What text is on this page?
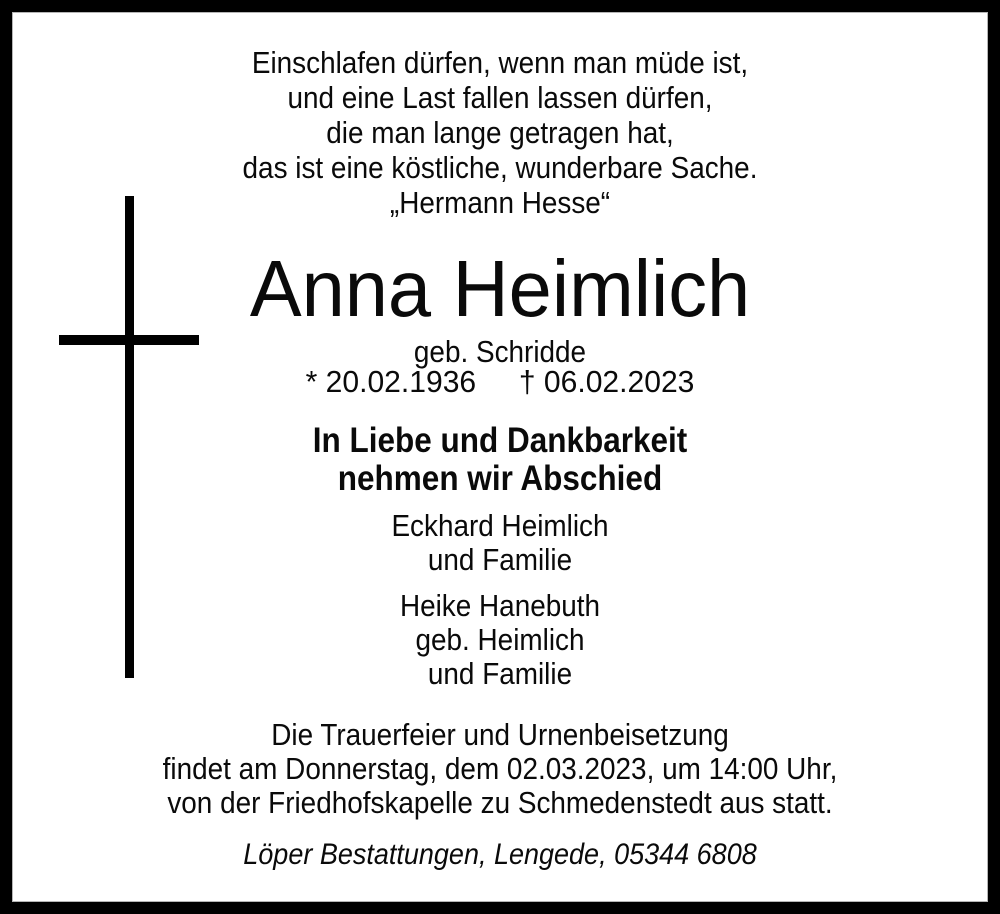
Einschlafen dürfen, wenn man müde ist,
und eine Last fallen lassen dürfen,
die man lange getragen hat,
das ist eine köstliche, wunderbare Sache.
„Hermann Hesse“
Anna Heimlich
geb. Schridde
* 20.02.1936 † 06.02.2023
In Liebe und Dankbarkeit
nehmen wir Abschied
Eckhard Heimlich
und Familie
Heike Hanebuth
geb. Heimlich
und Familie
Die Trauerfeier und Urnenbeisetzung
findet am Donnerstag, dem 02.03.2023, um 14:00 Uhr,
von der Friedhofskapelle zu Schmedenstedt aus statt.
Löper Bestattungen, Lengede, 05344 6808
